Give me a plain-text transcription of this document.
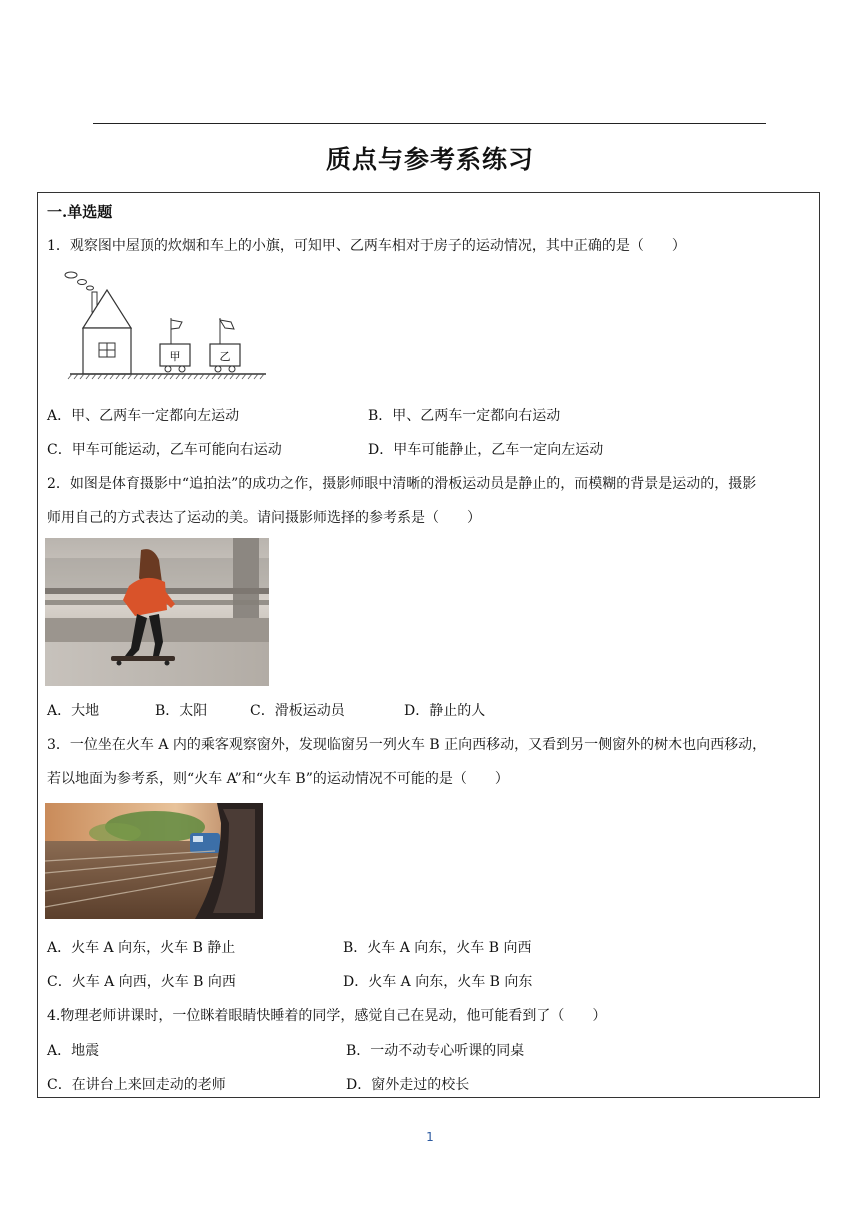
质点与参考系练习
一.单选题
1．观察图中屋顶的炊烟和车上的小旗，可知甲、乙两车相对于房子的运动情况，其中正确的是（　　）
甲	乙
A．甲、乙两车一定都向左运动	B．甲、乙两车一定都向右运动
C．甲车可能运动，乙车可能向右运动	D．甲车可能静止，乙车一定向左运动
2．如图是体育摄影中“追拍法”的成功之作，摄影师眼中清晰的滑板运动员是静止的，而模糊的背景是运动的，摄影
师用自己的方式表达了运动的美。请问摄影师选择的参考系是（　　）
A．大地	B．太阳	C．滑板运动员	D．静止的人
3．一位坐在火车 A 内的乘客观察窗外，发现临窗另一列火车 B 正向西移动，又看到另一侧窗外的树木也向西移动，
若以地面为参考系，则“火车 A”和“火车 B”的运动情况不可能的是（　　）
A．火车 A 向东，火车 B 静止	B．火车 A 向东，火车 B 向西
C．火车 A 向西，火车 B 向西	D．火车 A 向东，火车 B 向东
4.物理老师讲课时，一位眯着眼睛快睡着的同学，感觉自己在晃动，他可能看到了（　　）
A．地震	B．一动不动专心听课的同桌
C．在讲台上来回走动的老师	D．窗外走过的校长
1
